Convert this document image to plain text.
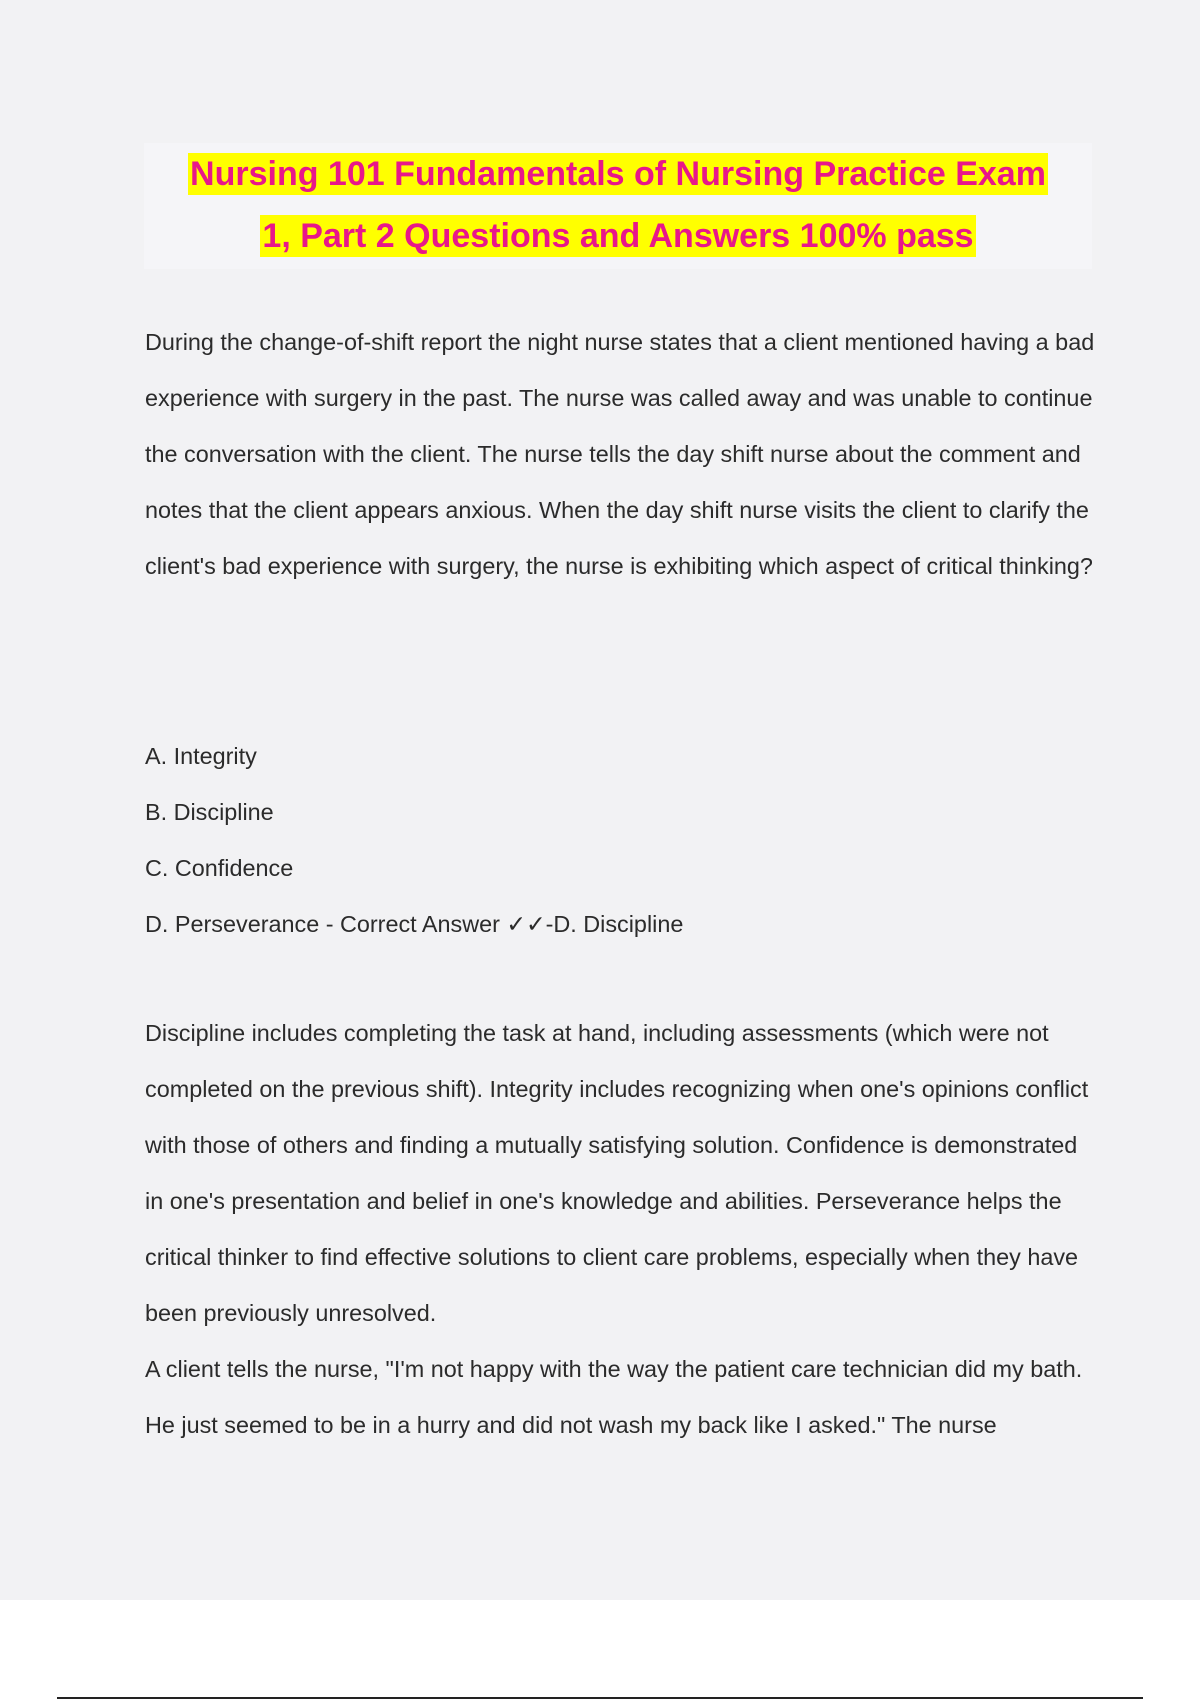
Nursing 101 Fundamentals of Nursing Practice Exam
1, Part 2 Questions and Answers 100% pass

During the change-of-shift report the night nurse states that a client mentioned having a bad experience with surgery in the past. The nurse was called away and was unable to continue the conversation with the client. The nurse tells the day shift nurse about the comment and notes that the client appears anxious. When the day shift nurse visits the client to clarify the client's bad experience with surgery, the nurse is exhibiting which aspect of critical thinking?

A. Integrity
B. Discipline
C. Confidence
D. Perseverance - Correct Answer ✓✓-D. Discipline

Discipline includes completing the task at hand, including assessments (which were not completed on the previous shift). Integrity includes recognizing when one's opinions conflict with those of others and finding a mutually satisfying solution. Confidence is demonstrated in one's presentation and belief in one's knowledge and abilities. Perseverance helps the critical thinker to find effective solutions to client care problems, especially when they have been previously unresolved.

A client tells the nurse, "I'm not happy with the way the patient care technician did my bath. He just seemed to be in a hurry and did not wash my back like I asked." The nurse
